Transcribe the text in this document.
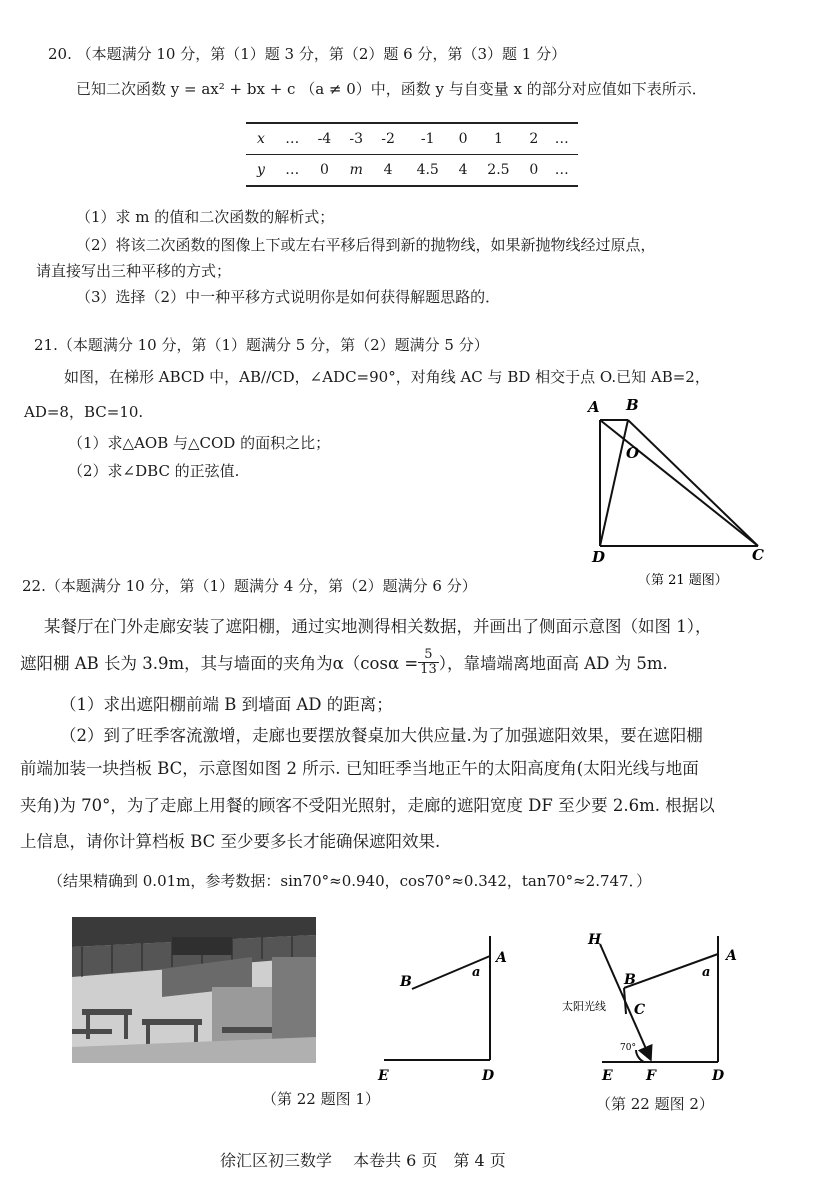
20. （本题满分 10 分，第（1）题 3 分，第（2）题 6 分，第（3）题 1 分）
已知二次函数 y = ax² + bx + c （a ≠ 0）中，函数 y 与自变量 x 的部分对应值如下表所示．
x	…	-4	-3	-2	-1	0	1	2	…
y	…	0	m	4	4.5	4	2.5	0	…
（1）求 m 的值和二次函数的解析式；
（2）将该二次函数的图像上下或左右平移后得到新的抛物线，如果新抛物线经过原点，
请直接写出三种平移的方式；
（3）选择（2）中一种平移方式说明你是如何获得解题思路的．
21.（本题满分 10 分，第（1）题满分 5 分，第（2）题满分 5 分）
如图，在梯形 ABCD 中，AB//CD，∠ADC=90°，对角线 AC 与 BD 相交于点 O.已知 AB=2，
AD=8，BC=10.
（1）求△AOB 与△COD 的面积之比；
（2）求∠DBC 的正弦值.
A B
O
D	C
（第 21 题图）
22.（本题满分 10 分，第（1）题满分 4 分，第（2）题满分 6 分）
某餐厅在门外走廊安装了遮阳棚，通过实地测得相关数据，并画出了侧面示意图（如图 1），
遮阳棚 AB 长为 3.9m，其与墙面的夹角为$\alpha(\cos\alpha = \frac{5}{13}$ ），靠墙端离地面高 AD 为 5m.
（1）求出遮阳棚前端 B 到墙面 AD 的距离；
（2）到了旺季客流激增，走廊也要摆放餐桌加大供应量.为了加强遮阳效果，要在遮阳棚
前端加装一块挡板 BC，示意图如图 2 所示. 已知旺季当地正午的太阳高度角(太阳光线与地面
夹角)为 70°，为了走廊上用餐的顾客不受阳光照射，走廊的遮阳宽度 DF 至少要 2.6m. 根据以
上信息，请你计算档板 BC 至少要多长才能确保遮阳效果.
（结果精确到 0.01m，参考数据：sin70°≈0.940，cos70°≈0.342，tan70°≈2.747．）
（第 22 题图 1）
A
B
a
E	D
H
A
B
C
a
太阳光线
70°
E F	D
（第 22 题图 2）
徐汇区初三数学　 本卷共 6 页　第 4 页
